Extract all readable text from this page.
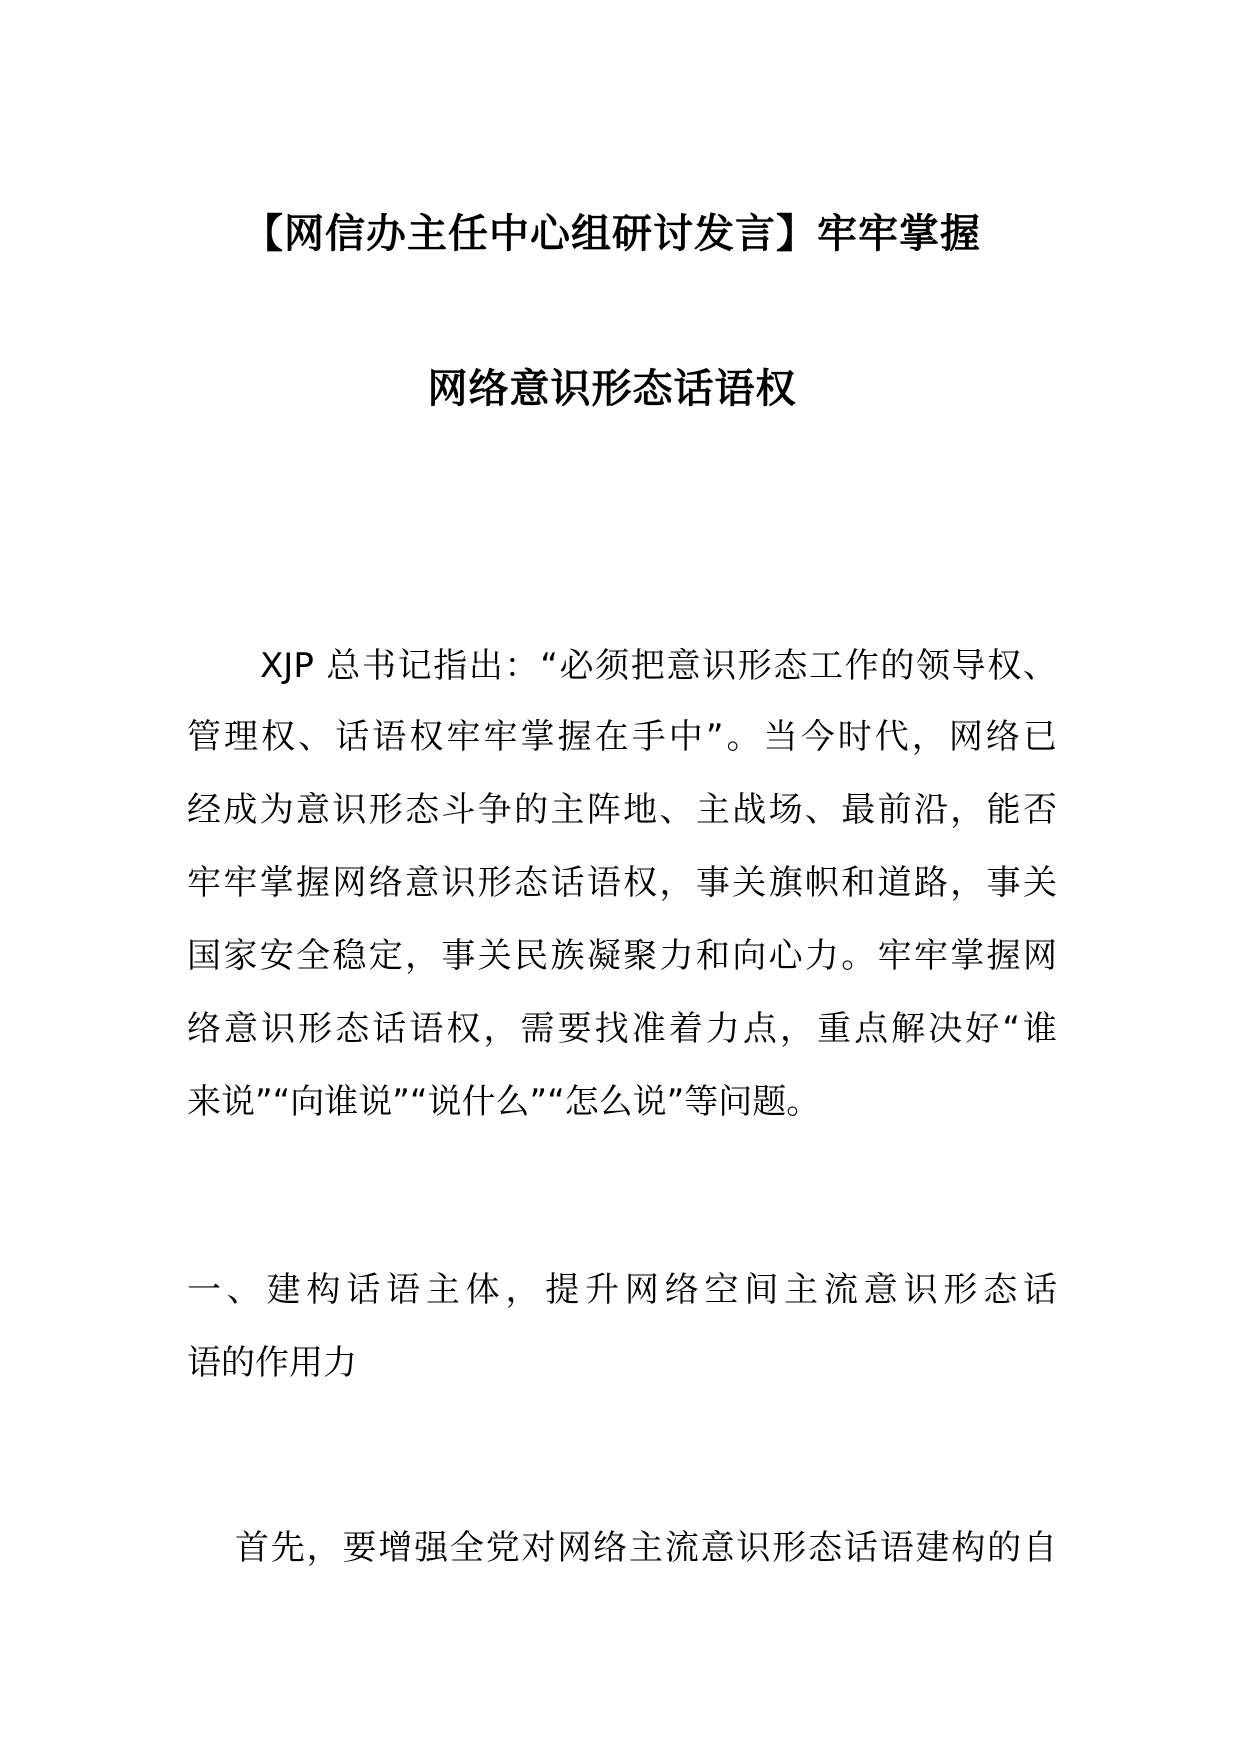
【网信办主任中心组研讨发言】牢牢掌握
网络意识形态话语权
XJP 总书记指出：“必须把意识形态工作的领导权、
管理权、话语权牢牢掌握在手中”。当今时代，网络已
经成为意识形态斗争的主阵地、主战场、最前沿，能否
牢牢掌握网络意识形态话语权，事关旗帜和道路，事关
国家安全稳定，事关民族凝聚力和向心力。牢牢掌握网
络意识形态话语权，需要找准着力点，重点解决好“谁
来说”“向谁说”“说什么”“怎么说”等问题。
一、建构话语主体，提升网络空间主流意识形态话
语的作用力
首先，要增强全党对网络主流意识形态话语建构的自
